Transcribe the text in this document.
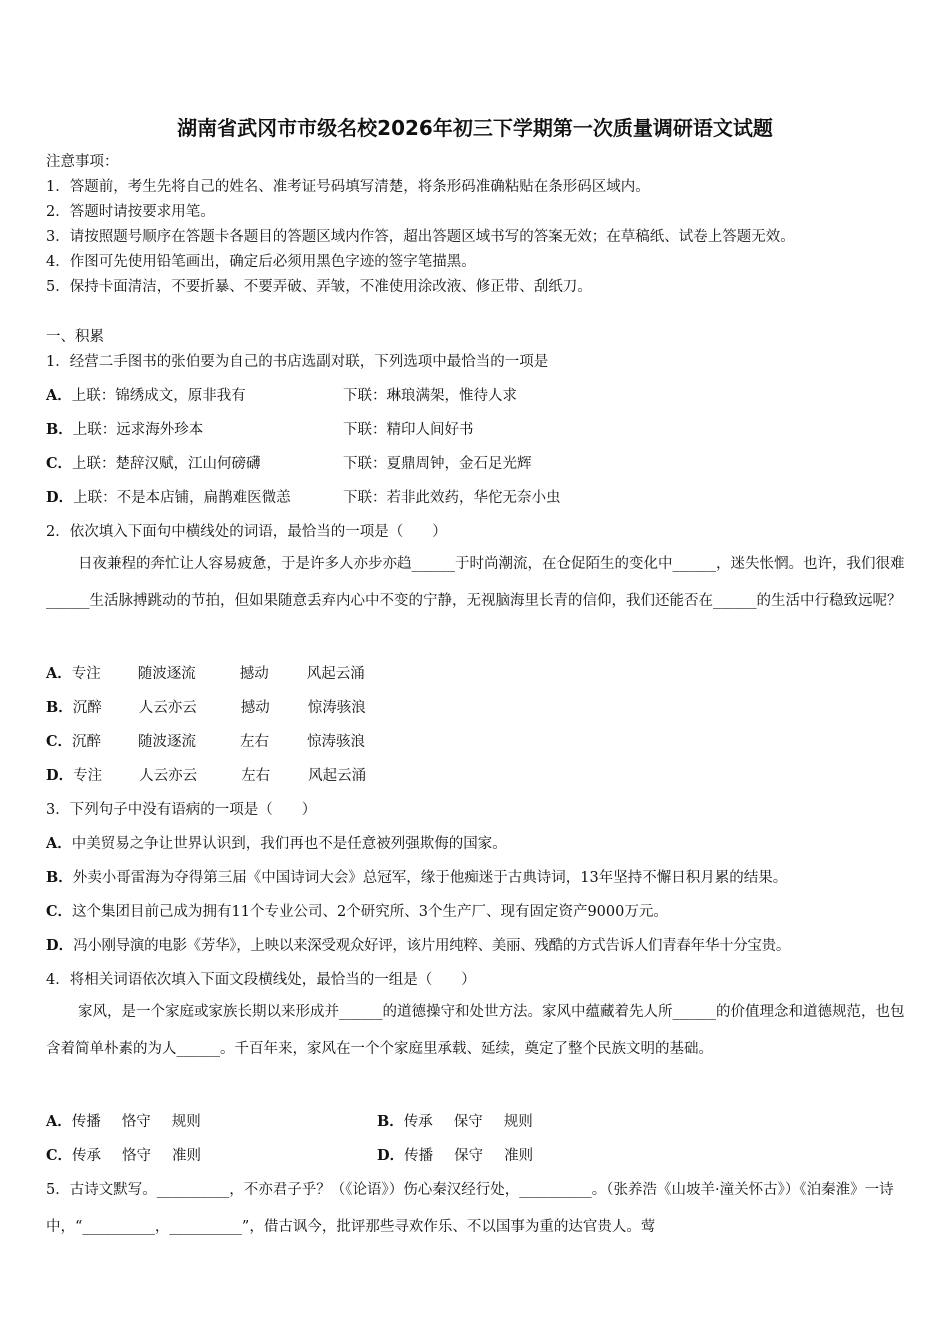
湖南省武冈市市级名校2026年初三下学期第一次质量调研语文试题
注意事项：
1．答题前，考生先将自己的姓名、准考证号码填写清楚，将条形码准确粘贴在条形码区域内。
2．答题时请按要求用笔。
3．请按照题号顺序在答题卡各题目的答题区域内作答，超出答题区域书写的答案无效；在草稿纸、试卷上答题无效。
4．作图可先使用铅笔画出，确定后必须用黑色字迹的签字笔描黑。
5．保持卡面清洁，不要折暴、不要弄破、弄皱，不准使用涂改液、修正带、刮纸刀。
一、积累
1．经营二手图书的张伯要为自己的书店选副对联，下列选项中最恰当的一项是
A．上联：锦绣成文，原非我有	下联：琳琅满架，惟待人求
B．上联：远求海外珍本	下联：精印人间好书
C．上联：楚辞汉赋，江山何磅礴	下联：夏鼎周钟，金石足光辉
D．上联：不是本店铺，扁鹊难医微恙	下联：若非此效药，华佗无奈小虫
2．依次填入下面句中横线处的词语，最恰当的一项是（　　）
日夜兼程的奔忙让人容易疲惫，于是许多人亦步亦趋______于时尚潮流，在仓促陌生的变化中______，迷失怅惘。也许，我们很难______生活脉搏跳动的节拍，但如果随意丢弃内心中不变的宁静，无视脑海里长青的信仰，我们还能否在______的生活中行稳致远呢？
A．专注	随波逐流	撼动	风起云涌
B．沉醉	人云亦云	撼动	惊涛骇浪
C．沉醉	随波逐流	左右	惊涛骇浪
D．专注	人云亦云	左右	风起云涌
3．下列句子中没有语病的一项是（　　）
A．中美贸易之争让世界认识到，我们再也不是任意被列强欺侮的国家。
B．外卖小哥雷海为夺得第三届《中国诗词大会》总冠军，缘于他痴迷于古典诗词，13年坚持不懈日积月累的结果。
C．这个集团目前己成为拥有11个专业公司、2个研究所、3个生产厂、现有固定资产9000万元。
D．冯小刚导演的电影《芳华》，上映以来深受观众好评，该片用纯粹、美丽、残酷的方式告诉人们青春年华十分宝贵。
4．将相关词语依次填入下面文段横线处，最恰当的一组是（　　）
家风，是一个家庭或家族长期以来形成并______的道德操守和处世方法。家风中蕴藏着先人所______的价值理念和道德规范，也包含着简单朴素的为人______。千百年来，家风在一个个家庭里承载、延续，奠定了整个民族文明的基础。
A．传播 恪守 规则	B．传承 保守 规则
C．传承 恪守 准则	D．传播 保守 准则
5．古诗文默写。__________，不亦君子乎？（《论语》）伤心秦汉经行处，__________。（张养浩《山坡羊·潼关怀古》）《泊秦淮》一诗中，“__________，__________”，借古讽今，批评那些寻欢作乐、不以国事为重的达官贵人。莺
